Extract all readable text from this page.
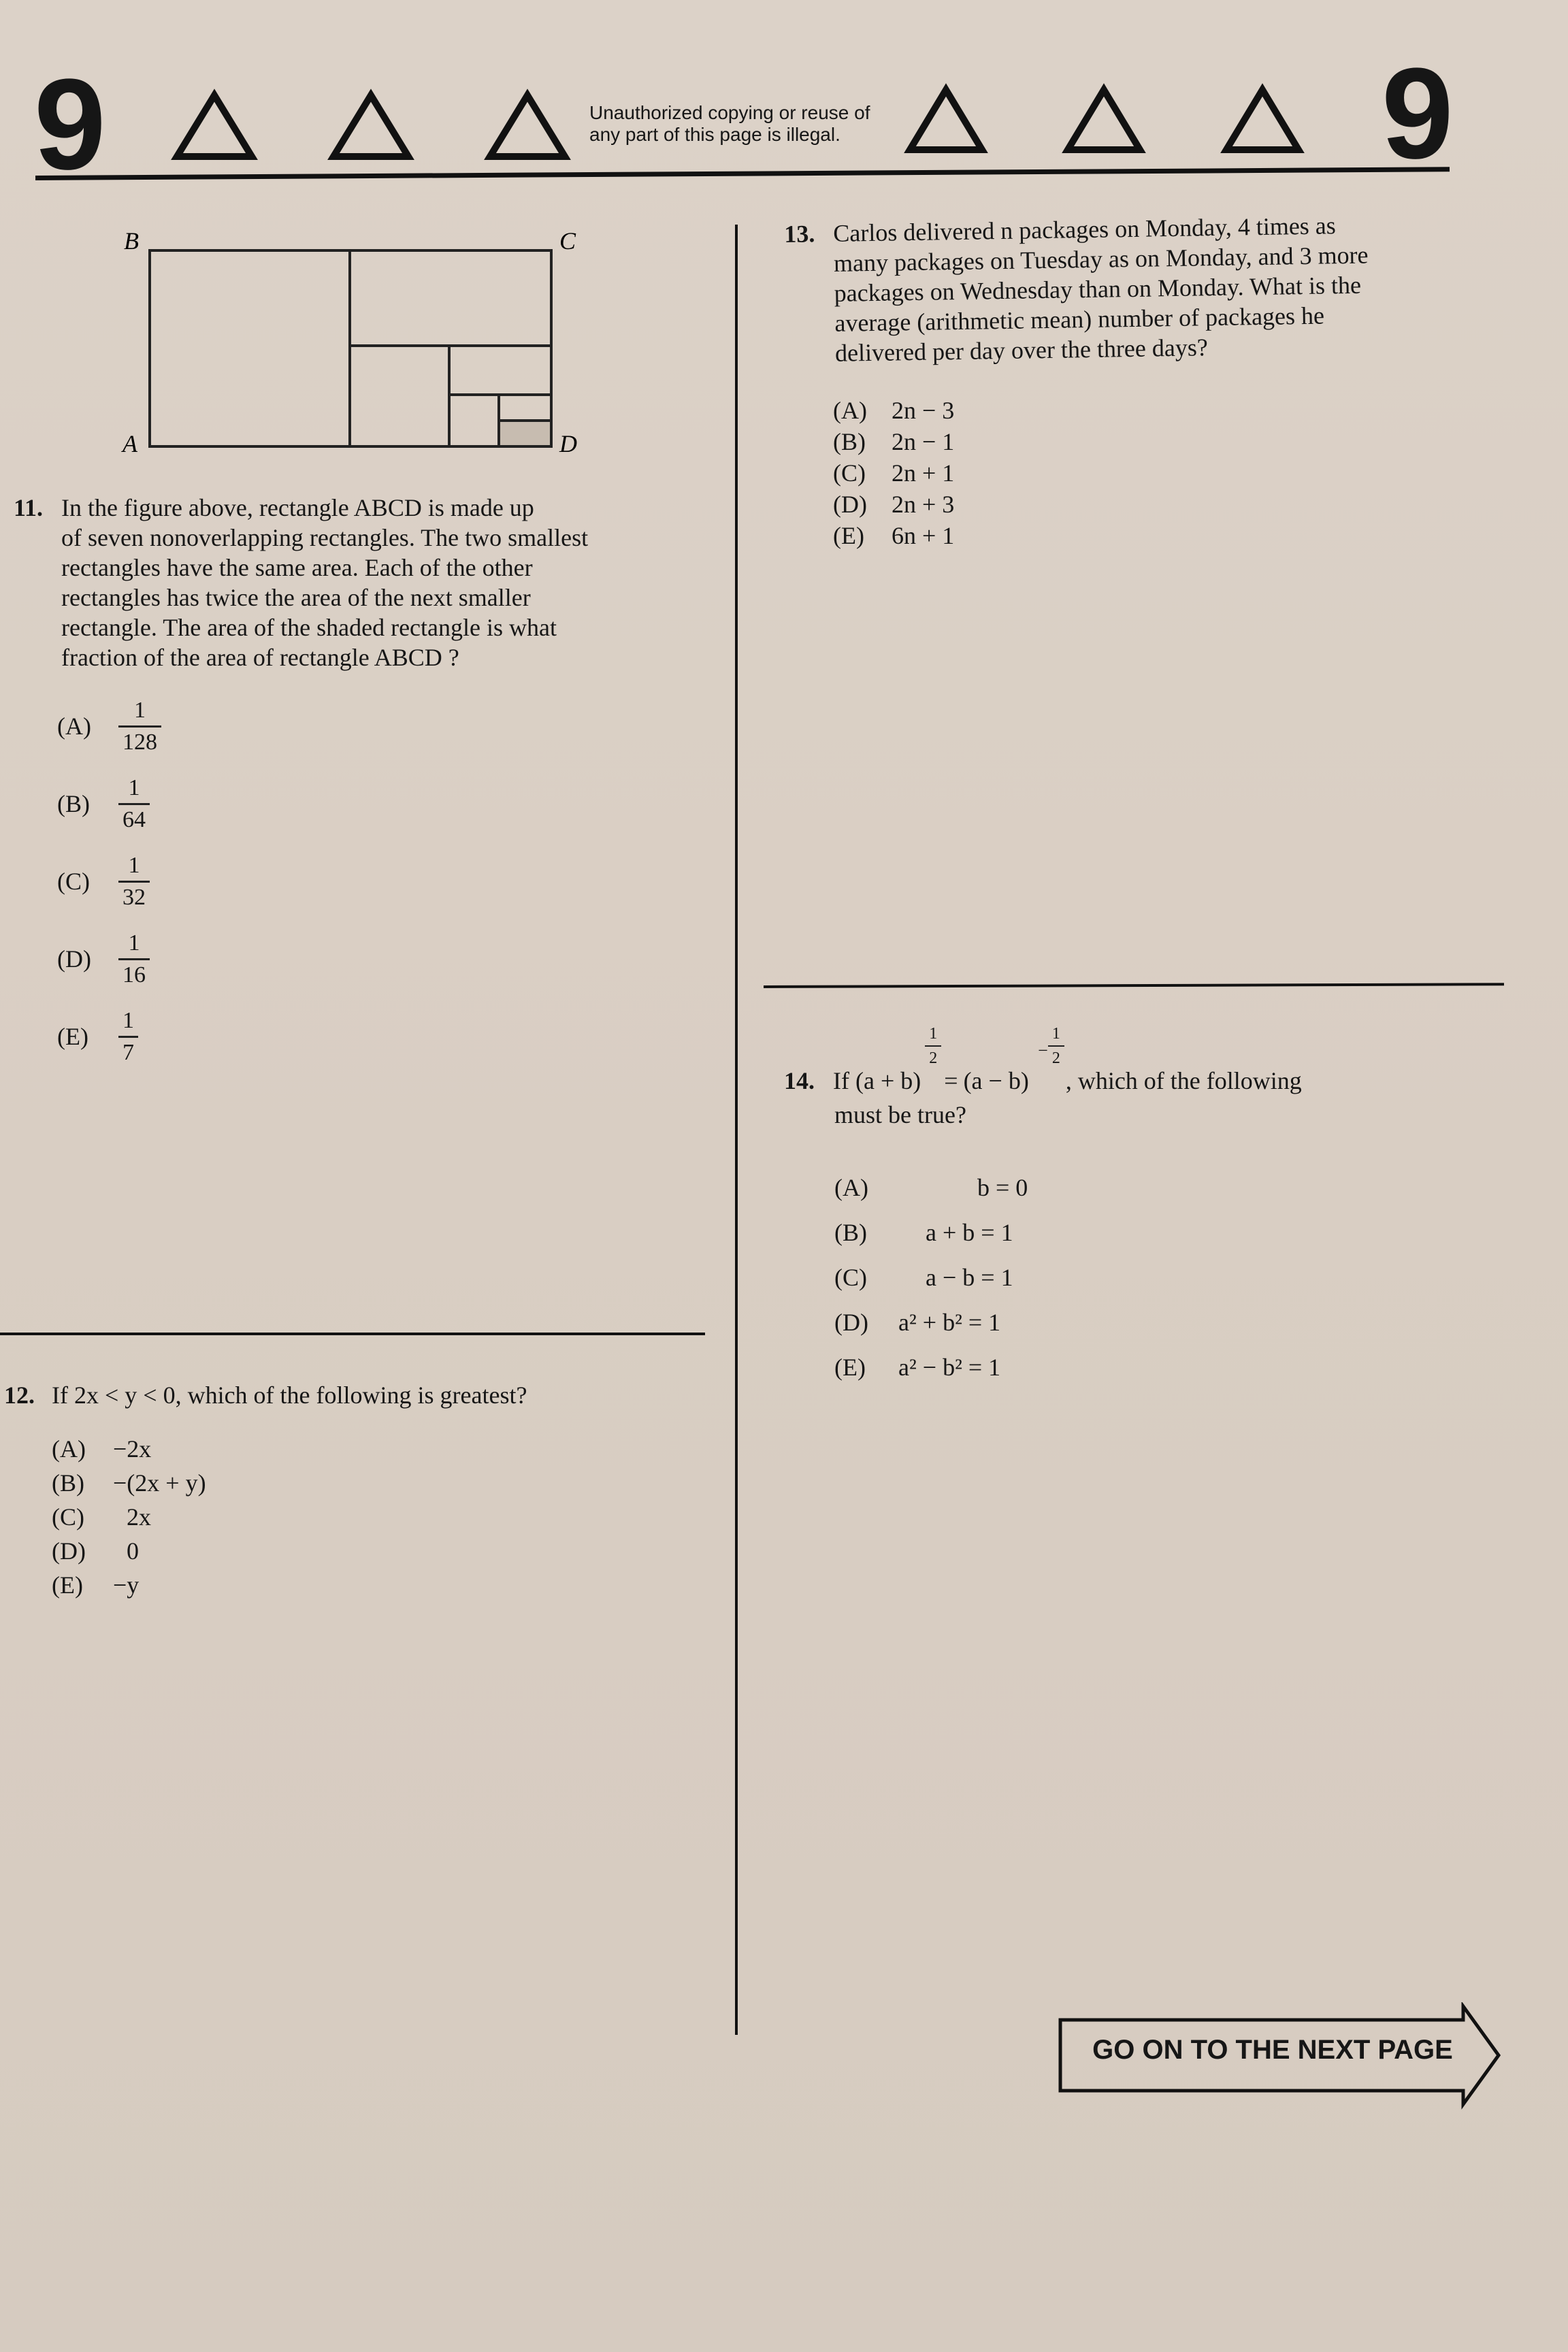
9	Unauthorized copying or reuse of
any part of this page is illegal.	9
B	C
A	D
11. In the figure above, rectangle ABCD is made up
of seven nonoverlapping rectangles. The two smallest
rectangles have the same area. Each of the other
rectangles has twice the area of the next smaller
rectangle. The area of the shaded rectangle is what
fraction of the area of rectangle ABCD ?
(A)	$\frac{1}{128}$
(B)	$\frac{1}{64}$
(C)	$\frac{1}{32}$
(D)	$\frac{1}{16}$
(E)	$\frac{1}{7}$
12. If 2x < y < 0, which of the following is greatest?
(A)	−2x
(B)	−(2x + y)
(C)	2x
(D)	0
(E)	−y
13. Carlos delivered n packages on Monday, 4 times as
many packages on Tuesday as on Monday, and 3 more
packages on Wednesday than on Monday. What is the
average (arithmetic mean) number of packages he
delivered per day over the three days?
(A)	2n − 3
(B)	2n − 1
(C)	2n + 1
(D)	2n + 3
(E)	6n + 1
14. If
(a + b)
$\frac{1}{2}$
= (a − b)
− $\frac{1}{2}$
, which of the following
must be true?
(A)	b = 0
(B)	a + b = 1
(C)	a − b = 1
(D)	a² + b² = 1
(E)	a² − b² = 1
GO ON TO THE NEXT PAGE
